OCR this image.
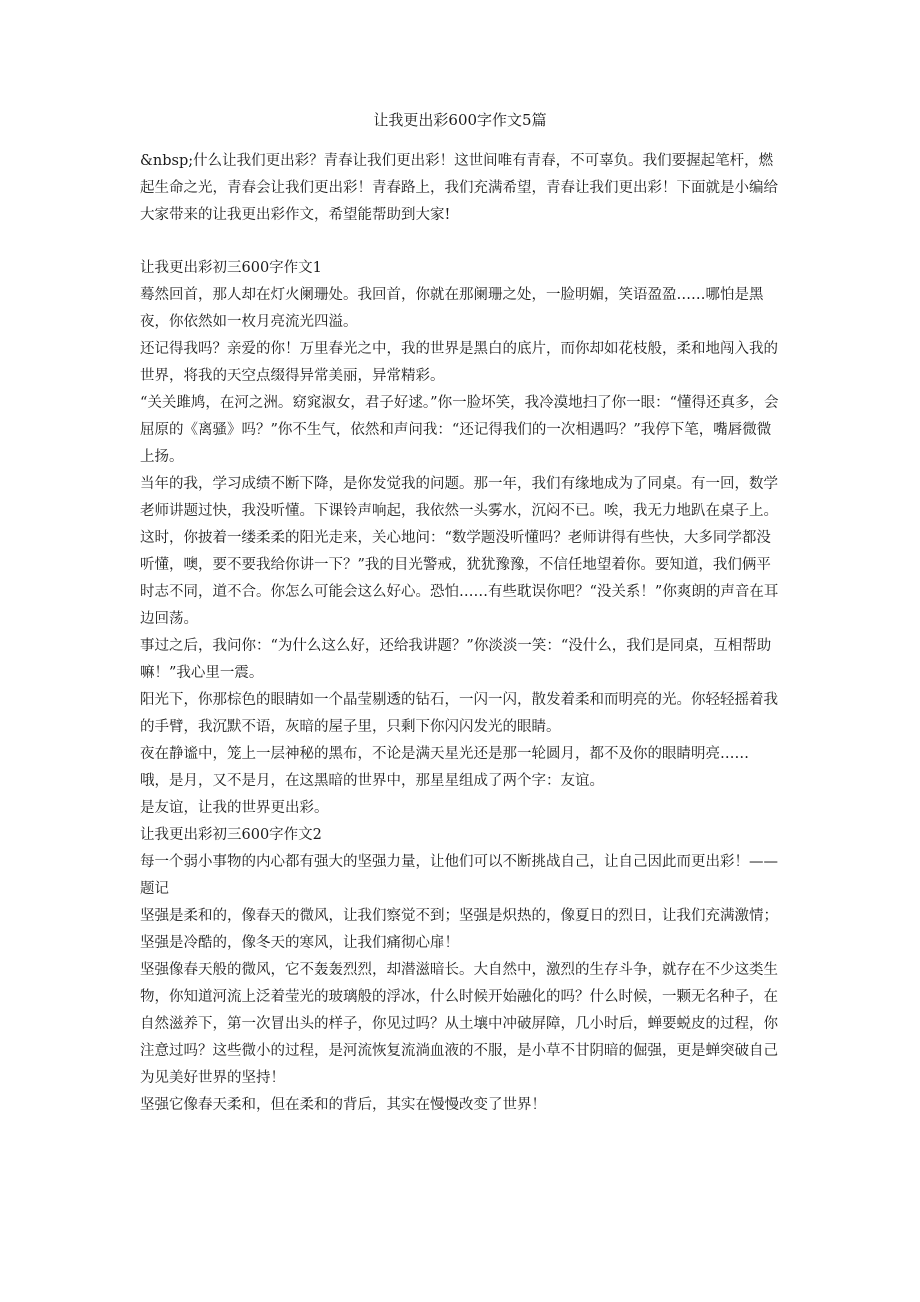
让我更出彩600字作文5篇

&nbsp;什么让我们更出彩？青春让我们更出彩！这世间唯有青春，不可辜负。我们要握起笔杆，燃起生命之光，青春会让我们更出彩！青春路上，我们充满希望，青春让我们更出彩！下面就是小编给大家带来的让我更出彩作文，希望能帮助到大家!

让我更出彩初三600字作文1

蓦然回首，那人却在灯火阑珊处。我回首，你就在那阑珊之处，一脸明媚，笑语盈盈……哪怕是黑夜，你依然如一枚月亮流光四溢。

还记得我吗？亲爱的你！万里春光之中，我的世界是黑白的底片，而你却如花枝般，柔和地闯入我的世界，将我的天空点缀得异常美丽，异常精彩。

“关关雎鸠，在河之洲。窈窕淑女，君子好逑。”你一脸坏笑，我冷漠地扫了你一眼：“懂得还真多，会屈原的《离骚》吗？”你不生气，依然和声问我：“还记得我们的一次相遇吗？”我停下笔，嘴唇微微上扬。

当年的我，学习成绩不断下降，是你发觉我的问题。那一年，我们有缘地成为了同桌。有一回，数学老师讲题过快，我没听懂。下课铃声响起，我依然一头雾水，沉闷不已。唉，我无力地趴在桌子上。这时，你披着一缕柔柔的阳光走来，关心地问：“数学题没听懂吗？老师讲得有些快，大多同学都没听懂，噢，要不要我给你讲一下？”我的目光警戒，犹犹豫豫，不信任地望着你。要知道，我们俩平时志不同，道不合。你怎么可能会这么好心。恐怕……有些耽误你吧？“没关系！”你爽朗的声音在耳边回荡。

事过之后，我问你：“为什么这么好，还给我讲题？”你淡淡一笑：“没什么，我们是同桌，互相帮助嘛！”我心里一震。

阳光下，你那棕色的眼睛如一个晶莹剔透的钻石，一闪一闪，散发着柔和而明亮的光。你轻轻摇着我的手臂，我沉默不语，灰暗的屋子里，只剩下你闪闪发光的眼睛。

夜在静谧中，笼上一层神秘的黑布，不论是满天星光还是那一轮圆月，都不及你的眼睛明亮……

哦，是月，又不是月，在这黑暗的世界中，那星星组成了两个字：友谊。

是友谊，让我的世界更出彩。

让我更出彩初三600字作文2

每一个弱小事物的内心都有强大的坚强力量，让他们可以不断挑战自己，让自己因此而更出彩！——题记

坚强是柔和的，像春天的微风，让我们察觉不到；坚强是炽热的，像夏日的烈日，让我们充满激情；坚强是冷酷的，像冬天的寒风，让我们痛彻心扉！

坚强像春天般的微风，它不轰轰烈烈，却潜滋暗长。大自然中，激烈的生存斗争，就存在不少这类生物，你知道河流上泛着莹光的玻璃般的浮冰，什么时候开始融化的吗？什么时候，一颗无名种子，在自然滋养下，第一次冒出头的样子，你见过吗？从土壤中冲破屏障，几小时后，蝉要蜕皮的过程，你注意过吗？这些微小的过程，是河流恢复流淌血液的不服，是小草不甘阴暗的倔强，更是蝉突破自己为见美好世界的坚持！

坚强它像春天柔和，但在柔和的背后，其实在慢慢改变了世界！
